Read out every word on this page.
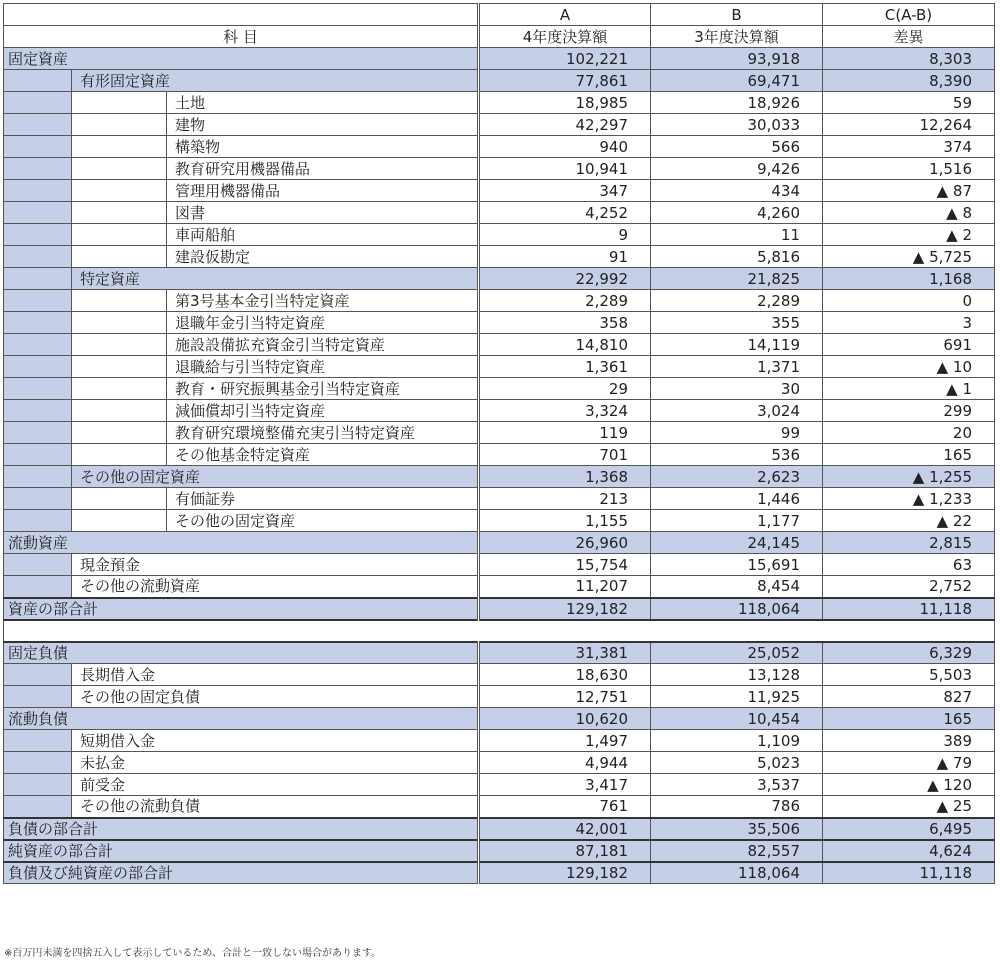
			A	B	C(A-B)
科 目			4年度決算額	3年度決算額	差異
固定資産			102,221	93,918	8,303
	有形固定資産		77,861	69,471	8,390
		土地	18,985	18,926	59
		建物	42,297	30,033	12,264
		構築物	940	566	374
		教育研究用機器備品	10,941	9,426	1,516
		管理用機器備品	347	434	▲ 87
		図書	4,252	4,260	▲ 8
		車両船舶	9	11	▲ 2
		建設仮勘定	91	5,816	▲ 5,725
	特定資産		22,992	21,825	1,168
		第3号基本金引当特定資産	2,289	2,289	0
		退職年金引当特定資産	358	355	3
		施設設備拡充資金引当特定資産	14,810	14,119	691
		退職給与引当特定資産	1,361	1,371	▲ 10
		教育・研究振興基金引当特定資産	29	30	▲ 1
		減価償却引当特定資産	3,324	3,024	299
		教育研究環境整備充実引当特定資産	119	99	20
		その他基金特定資産	701	536	165
	その他の固定資産		1,368	2,623	▲ 1,255
		有価証券	213	1,446	▲ 1,233
		その他の固定資産	1,155	1,177	▲ 22
流動資産			26,960	24,145	2,815
	現金預金		15,754	15,691	63
	その他の流動資産		11,207	8,454	2,752
資産の部合計			129,182	118,064	11,118

固定負債			31,381	25,052	6,329
	長期借入金		18,630	13,128	5,503
	その他の固定負債		12,751	11,925	827
流動負債			10,620	10,454	165
	短期借入金		1,497	1,109	389
	未払金		4,944	5,023	▲ 79
	前受金		3,417	3,537	▲ 120
	その他の流動負債		761	786	▲ 25
負債の部合計			42,001	35,506	6,495
純資産の部合計			87,181	82,557	4,624
負債及び純資産の部合計			129,182	118,064	11,118
※百万円未満を四捨五入して表示しているため、合計と一致しない場合があります。
